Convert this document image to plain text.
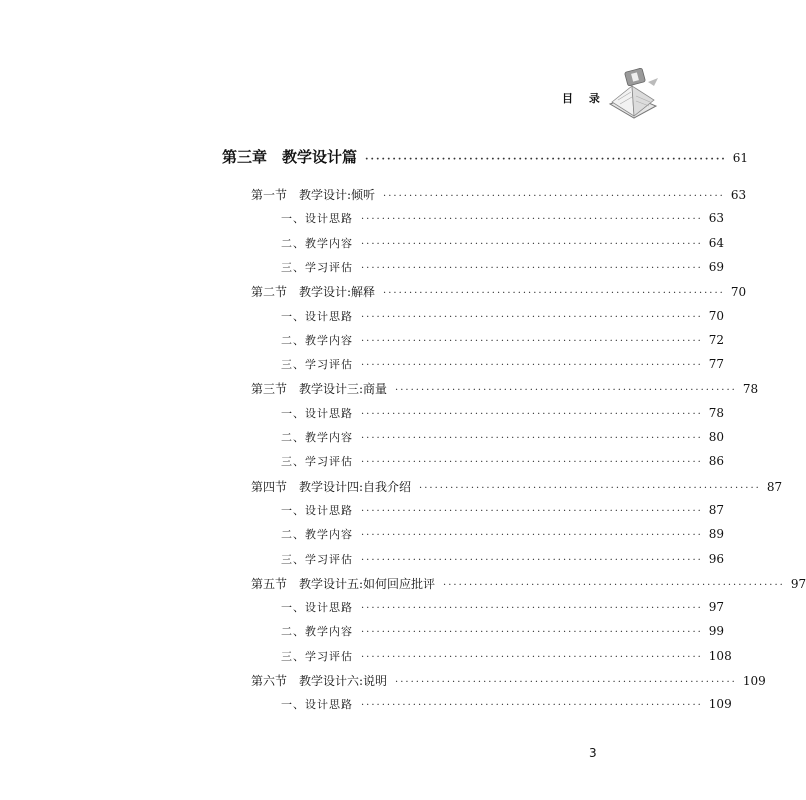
目 录
第三章　教学设计篇 ·································································· 61
第一节　教学设计:倾听 ·································································· 63
一、设计思路 ·································································· 63
二、教学内容 ·································································· 64
三、学习评估 ·································································· 69
第二节　教学设计:解释 ·································································· 70
一、设计思路 ·································································· 70
二、教学内容 ·································································· 72
三、学习评估 ·································································· 77
第三节　教学设计三:商量 ·································································· 78
一、设计思路 ·································································· 78
二、教学内容 ·································································· 80
三、学习评估 ·································································· 86
第四节　教学设计四:自我介绍 ·································································· 87
一、设计思路 ·································································· 87
二、教学内容 ·································································· 89
三、学习评估 ·································································· 96
第五节　教学设计五:如何回应批评 ·································································· 97
一、设计思路 ·································································· 97
二、教学内容 ·································································· 99
三、学习评估 ·································································· 108
第六节　教学设计六:说明 ·································································· 109
一、设计思路 ·································································· 109
3
